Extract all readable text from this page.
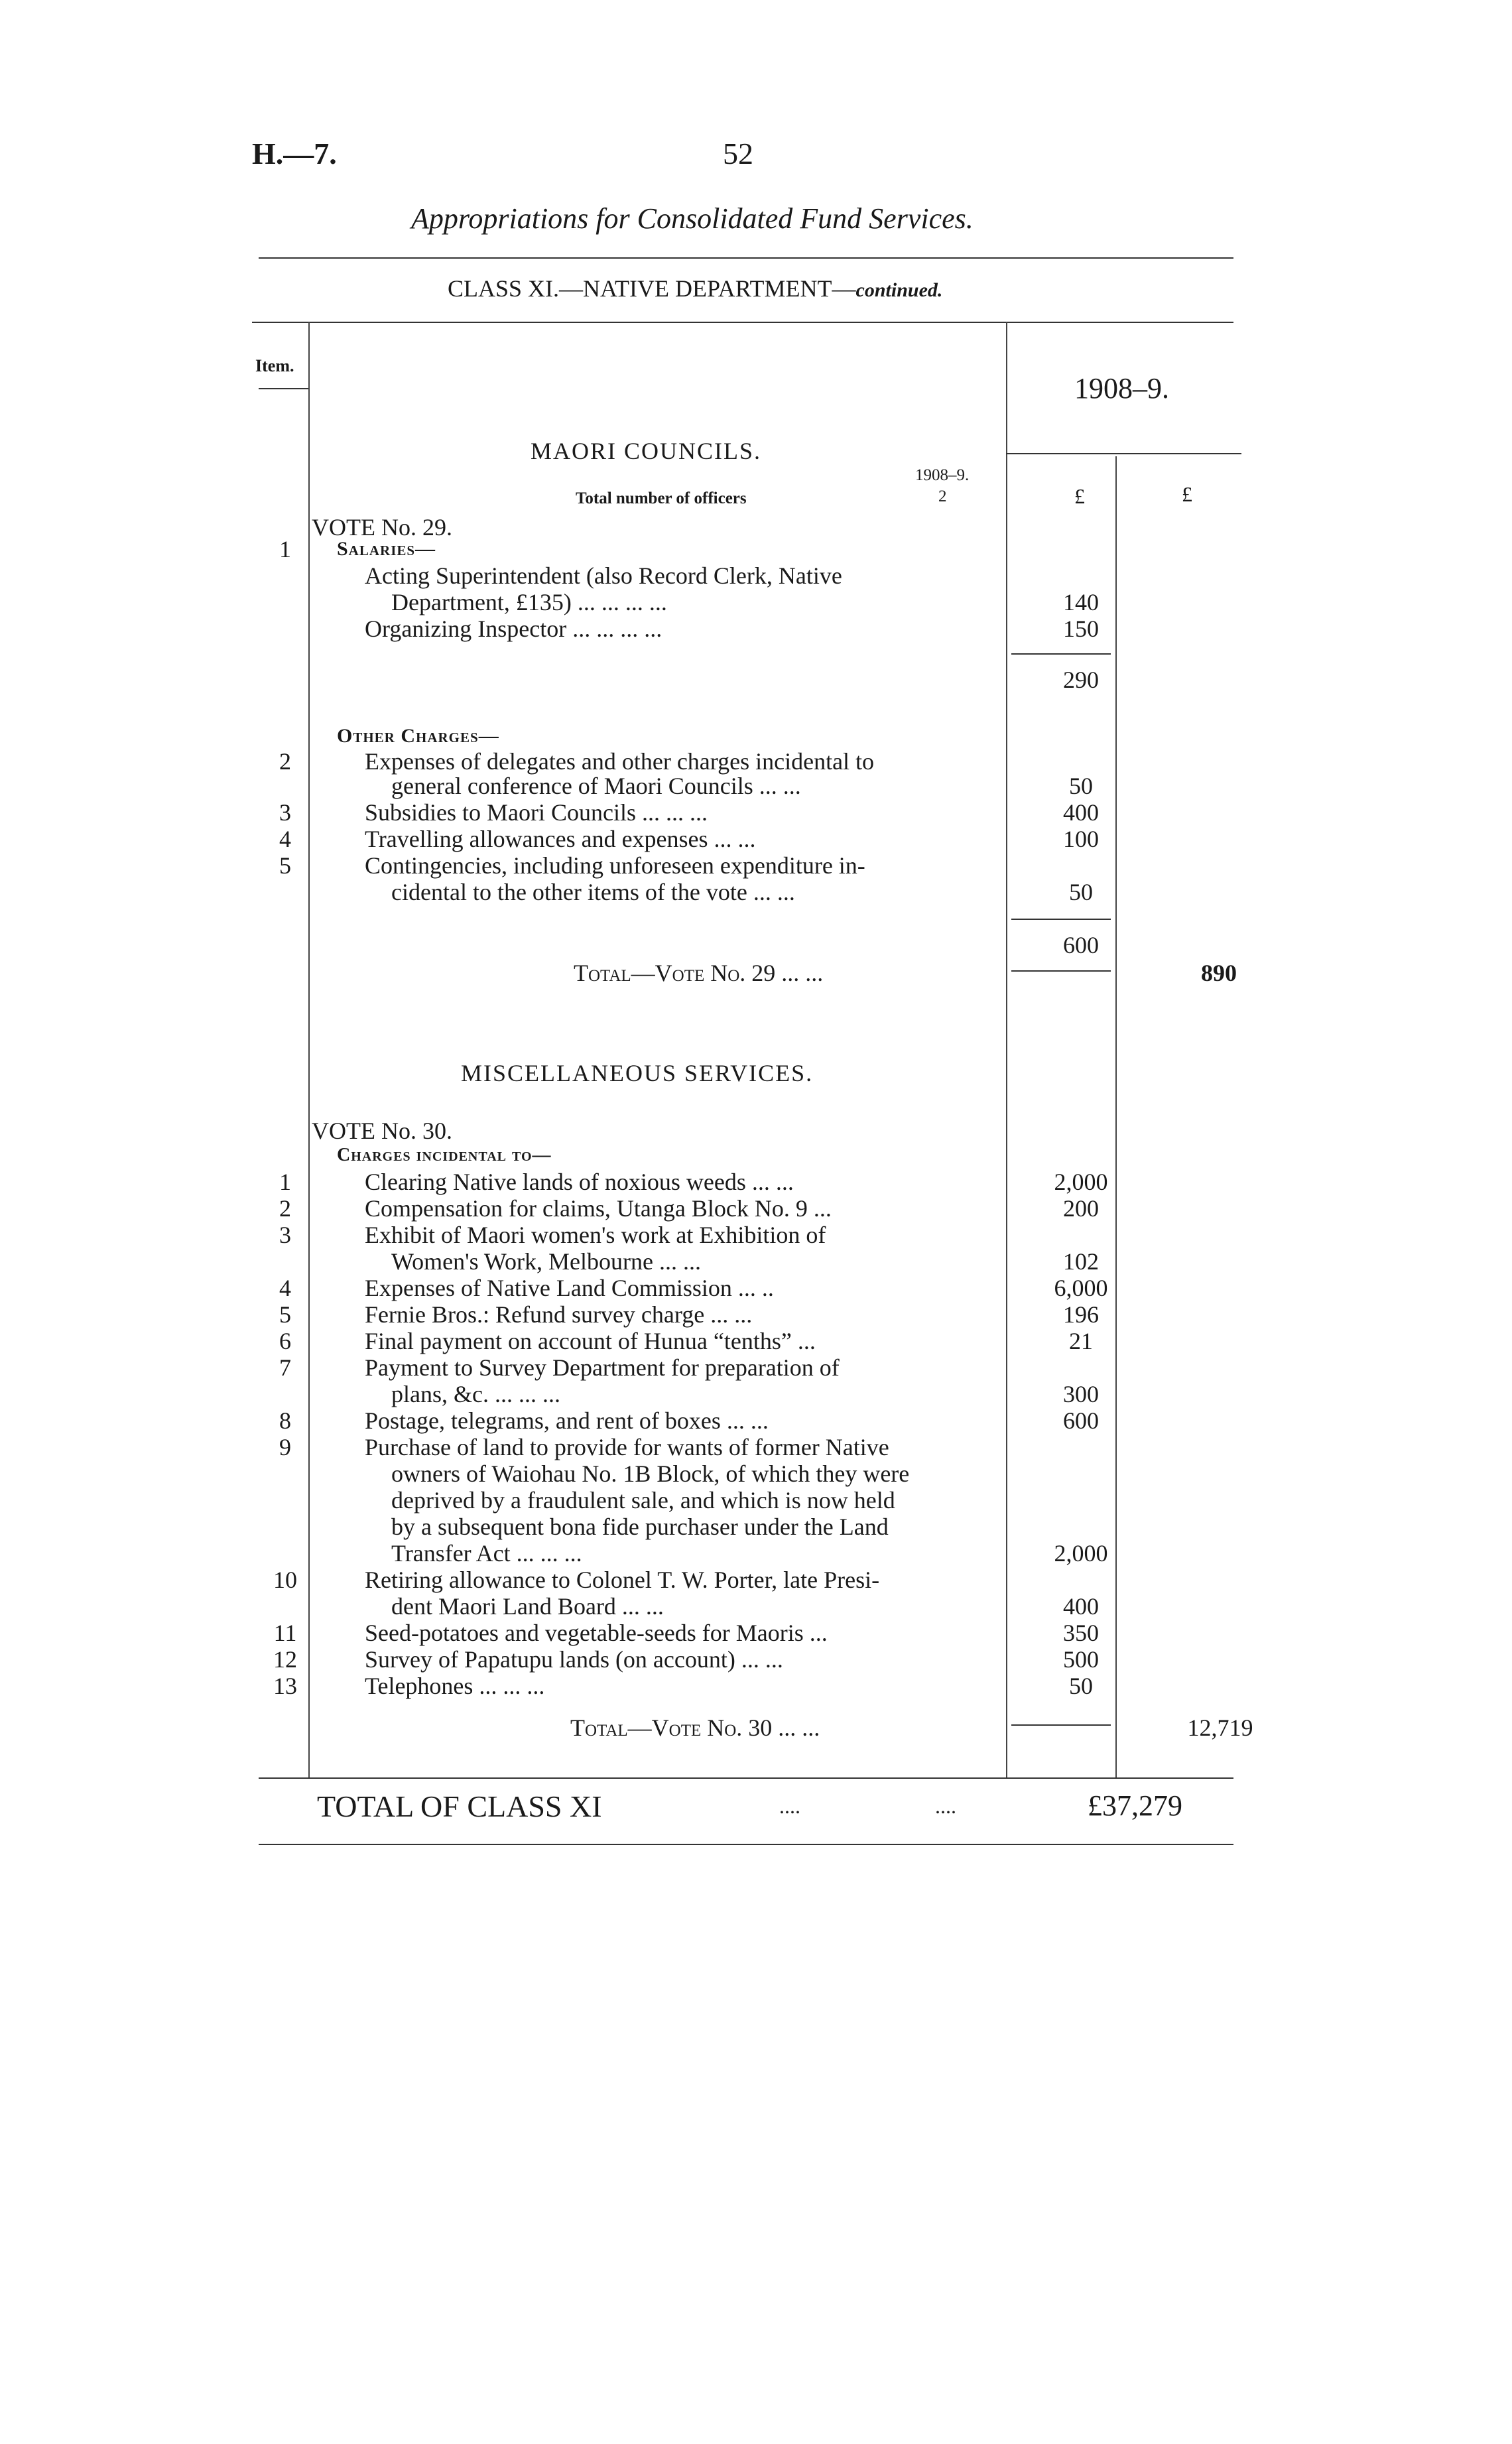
H.—7.	52
Appropriations for Consolidated Fund Services.
CLASS XI.—NATIVE DEPARTMENT—continued.
Item.
1908–9.
MAORI COUNCILS.
1908–9.
Total number of officers	2	£	£
VOTE No. 29.
1	Salaries—
Acting Superintendent (also Record Clerk, Native
Department, £135) ... ... ... ...	140
Organizing Inspector ... ... ... ...	150
290
Other Charges—
2	Expenses of delegates and other charges incidental to
general conference of Maori Councils ... ...	50
3	Subsidies to Maori Councils ... ... ...	400
4	Travelling allowances and expenses ... ...	100
5	Contingencies, including unforeseen expenditure in-
cidental to the other items of the vote ... ...	50
600
Total—Vote No. 29 ... ...	890
MISCELLANEOUS SERVICES.
VOTE No. 30.
Charges incidental to—
1	Clearing Native lands of noxious weeds ... ...	2,000
2	Compensation for claims, Utanga Block No. 9 ...	200
3	Exhibit of Maori women's work at Exhibition of
Women's Work, Melbourne ... ...	102
4	Expenses of Native Land Commission ... ..	6,000
5	Fernie Bros.: Refund survey charge ... ...	196
6	Final payment on account of Hunua “tenths” ...	21
7	Payment to Survey Department for preparation of
plans, &c. ... ... ...	300
8	Postage, telegrams, and rent of boxes ... ...	600
9	Purchase of land to provide for wants of former Native
owners of Waiohau No. 1B Block, of which they were
deprived by a fraudulent sale, and which is now held
by a subsequent bona fide purchaser under the Land
Transfer Act ... ... ...	2,000
10	Retiring allowance to Colonel T. W. Porter, late Presi-
dent Maori Land Board ... ...	400
11	Seed-potatoes and vegetable-seeds for Maoris ...	350
12	Survey of Papatupu lands (on account) ... ...	500
13	Telephones ... ... ...	50
Total—Vote No. 30 ... ...	12,719
TOTAL OF CLASS XI	....	....	£37,279
